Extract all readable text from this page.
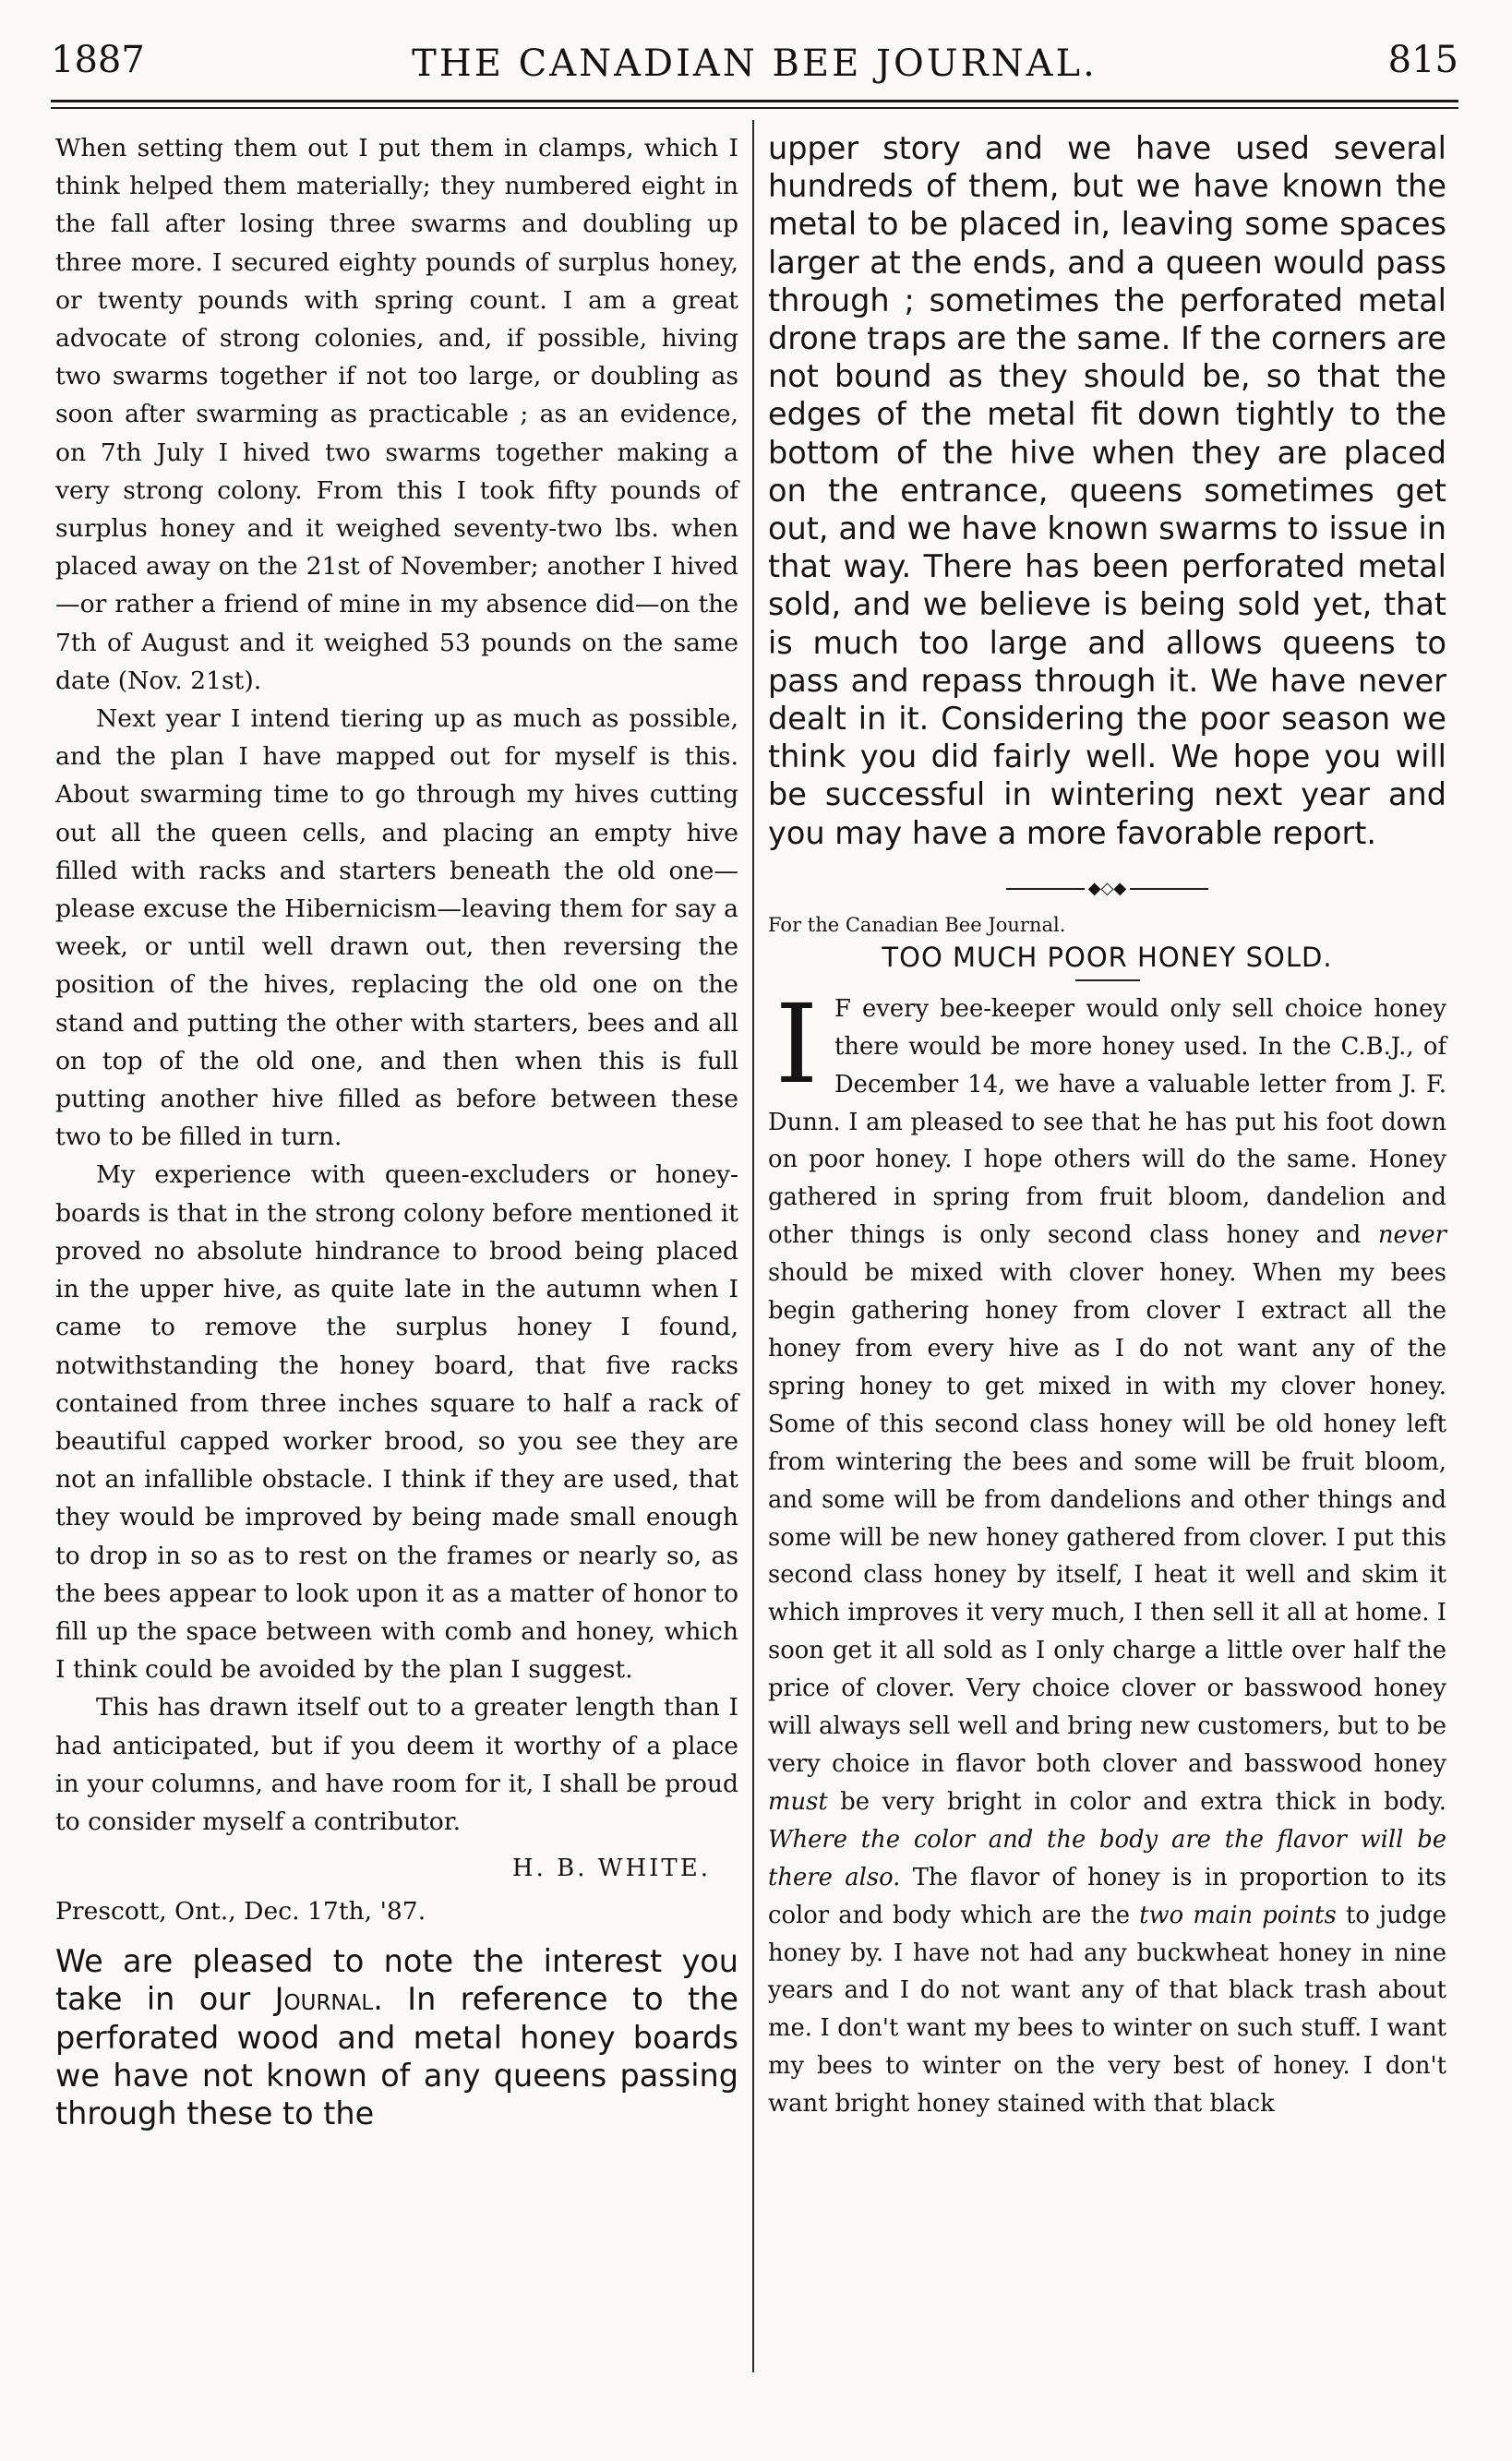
1887	THE CANADIAN BEE JOURNAL.	815

When setting them out I put them in clamps, which I think helped them materially; they numbered eight in the fall after losing three swarms and doubling up three more. I secured eighty pounds of surplus honey, or twenty pounds with spring count. I am a great advocate of strong colonies, and, if possible, hiving two swarms together if not too large, or doubling as soon after swarming as practicable ; as an evidence, on 7th July I hived two swarms together making a very strong colony. From this I took fifty pounds of surplus honey and it weighed seventy-two lbs. when placed away on the 21st of November; another I hived—or rather a friend of mine in my absence did—on the 7th of August and it weighed 53 pounds on the same date (Nov. 21st).

Next year I intend tiering up as much as possible, and the plan I have mapped out for myself is this. About swarming time to go through my hives cutting out all the queen cells, and placing an empty hive filled with racks and starters beneath the old one—please excuse the Hibernicism—leaving them for say a week, or until well drawn out, then reversing the position of the hives, replacing the old one on the stand and putting the other with starters, bees and all on top of the old one, and then when this is full putting another hive filled as before between these two to be filled in turn.

My experience with queen-excluders or honey-boards is that in the strong colony before mentioned it proved no absolute hindrance to brood being placed in the upper hive, as quite late in the autumn when I came to remove the surplus honey I found, notwithstanding the honey board, that five racks contained from three inches square to half a rack of beautiful capped worker brood, so you see they are not an infallible obstacle. I think if they are used, that they would be improved by being made small enough to drop in so as to rest on the frames or nearly so, as the bees appear to look upon it as a matter of honor to fill up the space between with comb and honey, which I think could be avoided by the plan I suggest.

This has drawn itself out to a greater length than I had anticipated, but if you deem it worthy of a place in your columns, and have room for it, I shall be proud to consider myself a contributor.

H. B. WHITE.
Prescott, Ont., Dec. 17th, '87.

We are pleased to note the interest you take in our Journal. In reference to the perforated wood and metal honey boards we have not known of any queens passing through these to the

upper story and we have used several hundreds of them, but we have known the metal to be placed in, leaving some spaces larger at the ends, and a queen would pass through ; sometimes the perforated metal drone traps are the same. If the corners are not bound as they should be, so that the edges of the metal fit down tightly to the bottom of the hive when they are placed on the entrance, queens sometimes get out, and we have known swarms to issue in that way. There has been perforated metal sold, and we believe is being sold yet, that is much too large and allows queens to pass and repass through it. We have never dealt in it. Considering the poor season we think you did fairly well. We hope you will be successful in wintering next year and you may have a more favorable report.

◆◇◆
For the Canadian Bee Journal.
TOO MUCH POOR HONEY SOLD.
I F every bee-keeper would only sell choice honey there would be more honey used. In the C.B.J., of December 14, we have a valuable letter from J. F. Dunn. I am pleased to see that he has put his foot down on poor honey. I hope others will do the same. Honey gathered in spring from fruit bloom, dandelion and other things is only second class honey and never should be mixed with clover honey. When my bees begin gathering honey from clover I extract all the honey from every hive as I do not want any of the spring honey to get mixed in with my clover honey. Some of this second class honey will be old honey left from wintering the bees and some will be fruit bloom, and some will be from dandelions and other things and some will be new honey gathered from clover. I put this second class honey by itself, I heat it well and skim it which improves it very much, I then sell it all at home. I soon get it all sold as I only charge a little over half the price of clover. Very choice clover or basswood honey will always sell well and bring new customers, but to be very choice in flavor both clover and basswood honey must be very bright in color and extra thick in body. Where the color and the body are the flavor will be there also. The flavor of honey is in proportion to its color and body which are the two main points to judge honey by. I have not had any buckwheat honey in nine years and I do not want any of that black trash about me. I don't want my bees to winter on such stuff. I want my bees to winter on the very best of honey. I don't want bright honey stained with that black
